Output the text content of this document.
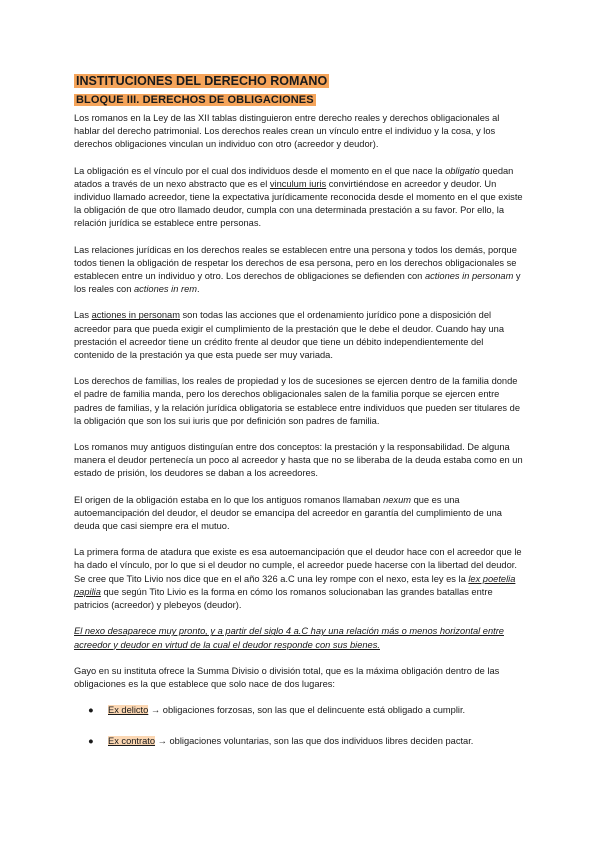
INSTITUCIONES DEL DERECHO ROMANO
BLOQUE III. DERECHOS DE OBLIGACIONES

Los romanos en la Ley de las XII tablas distinguieron entre derecho reales y derechos obligacionales al hablar del derecho patrimonial. Los derechos reales crean un vínculo entre el individuo y la cosa, y los derechos obligaciones vinculan un individuo con otro (acreedor y deudor).

La obligación es el vínculo por el cual dos individuos desde el momento en el que nace la obligatio quedan atados a través de un nexo abstracto que es el vinculum iuris convirtiéndose en acreedor y deudor. Un individuo llamado acreedor, tiene la expectativa jurídicamente reconocida desde el momento en el que existe la obligación de que otro llamado deudor, cumpla con una determinada prestación a su favor. Por ello, la relación jurídica se establece entre personas.

Las relaciones jurídicas en los derechos reales se establecen entre una persona y todos los demás, porque todos tienen la obligación de respetar los derechos de esa persona, pero en los derechos obligacionales se establecen entre un individuo y otro. Los derechos de obligaciones se defienden con actiones in personam y los reales con actiones in rem.

Las actiones in personam son todas las acciones que el ordenamiento jurídico pone a disposición del acreedor para que pueda exigir el cumplimiento de la prestación que le debe el deudor. Cuando hay una prestación el acreedor tiene un crédito frente al deudor que tiene un débito independientemente del contenido de la prestación ya que esta puede ser muy variada.

Los derechos de familias, los reales de propiedad y los de sucesiones se ejercen dentro de la familia donde el padre de familia manda, pero los derechos obligacionales salen de la familia porque se ejercen entre padres de familias, y la relación jurídica obligatoria se establece entre individuos que pueden ser titulares de la obligación que son los sui iuris que por definición son padres de familia.

Los romanos muy antiguos distinguían entre dos conceptos: la prestación y la responsabilidad. De alguna manera el deudor pertenecía un poco al acreedor y hasta que no se liberaba de la deuda estaba como en un estado de prisión, los deudores se daban a los acreedores.

El origen de la obligación estaba en lo que los antiguos romanos llamaban nexum que es una autoemancipación del deudor, el deudor se emancipa del acreedor en garantía del cumplimiento de una deuda que casi siempre era el mutuo.

La primera forma de atadura que existe es esa autoemancipación que el deudor hace con el acreedor que le ha dado el vínculo, por lo que si el deudor no cumple, el acreedor puede hacerse con la libertad del deudor. Se cree que Tito Livio nos dice que en el año 326 a.C una ley rompe con el nexo, esta ley es la lex poetelia papilia que según Tito Livio es la forma en cómo los romanos solucionaban las grandes batallas entre patricios (acreedor) y plebeyos (deudor).

El nexo desaparece muy pronto, y a partir del siglo 4 a.C hay una relación más o menos horizontal entre acreedor y deudor en virtud de la cual el deudor responde con sus bienes.

Gayo en su instituta ofrece la Summa Divisio o división total, que es la máxima obligación dentro de las obligaciones es la que establece que solo nace de dos lugares:

● Ex delicto → obligaciones forzosas, son las que el delincuente está obligado a cumplir.
● Ex contrato → obligaciones voluntarias, son las que dos individuos libres deciden pactar.
